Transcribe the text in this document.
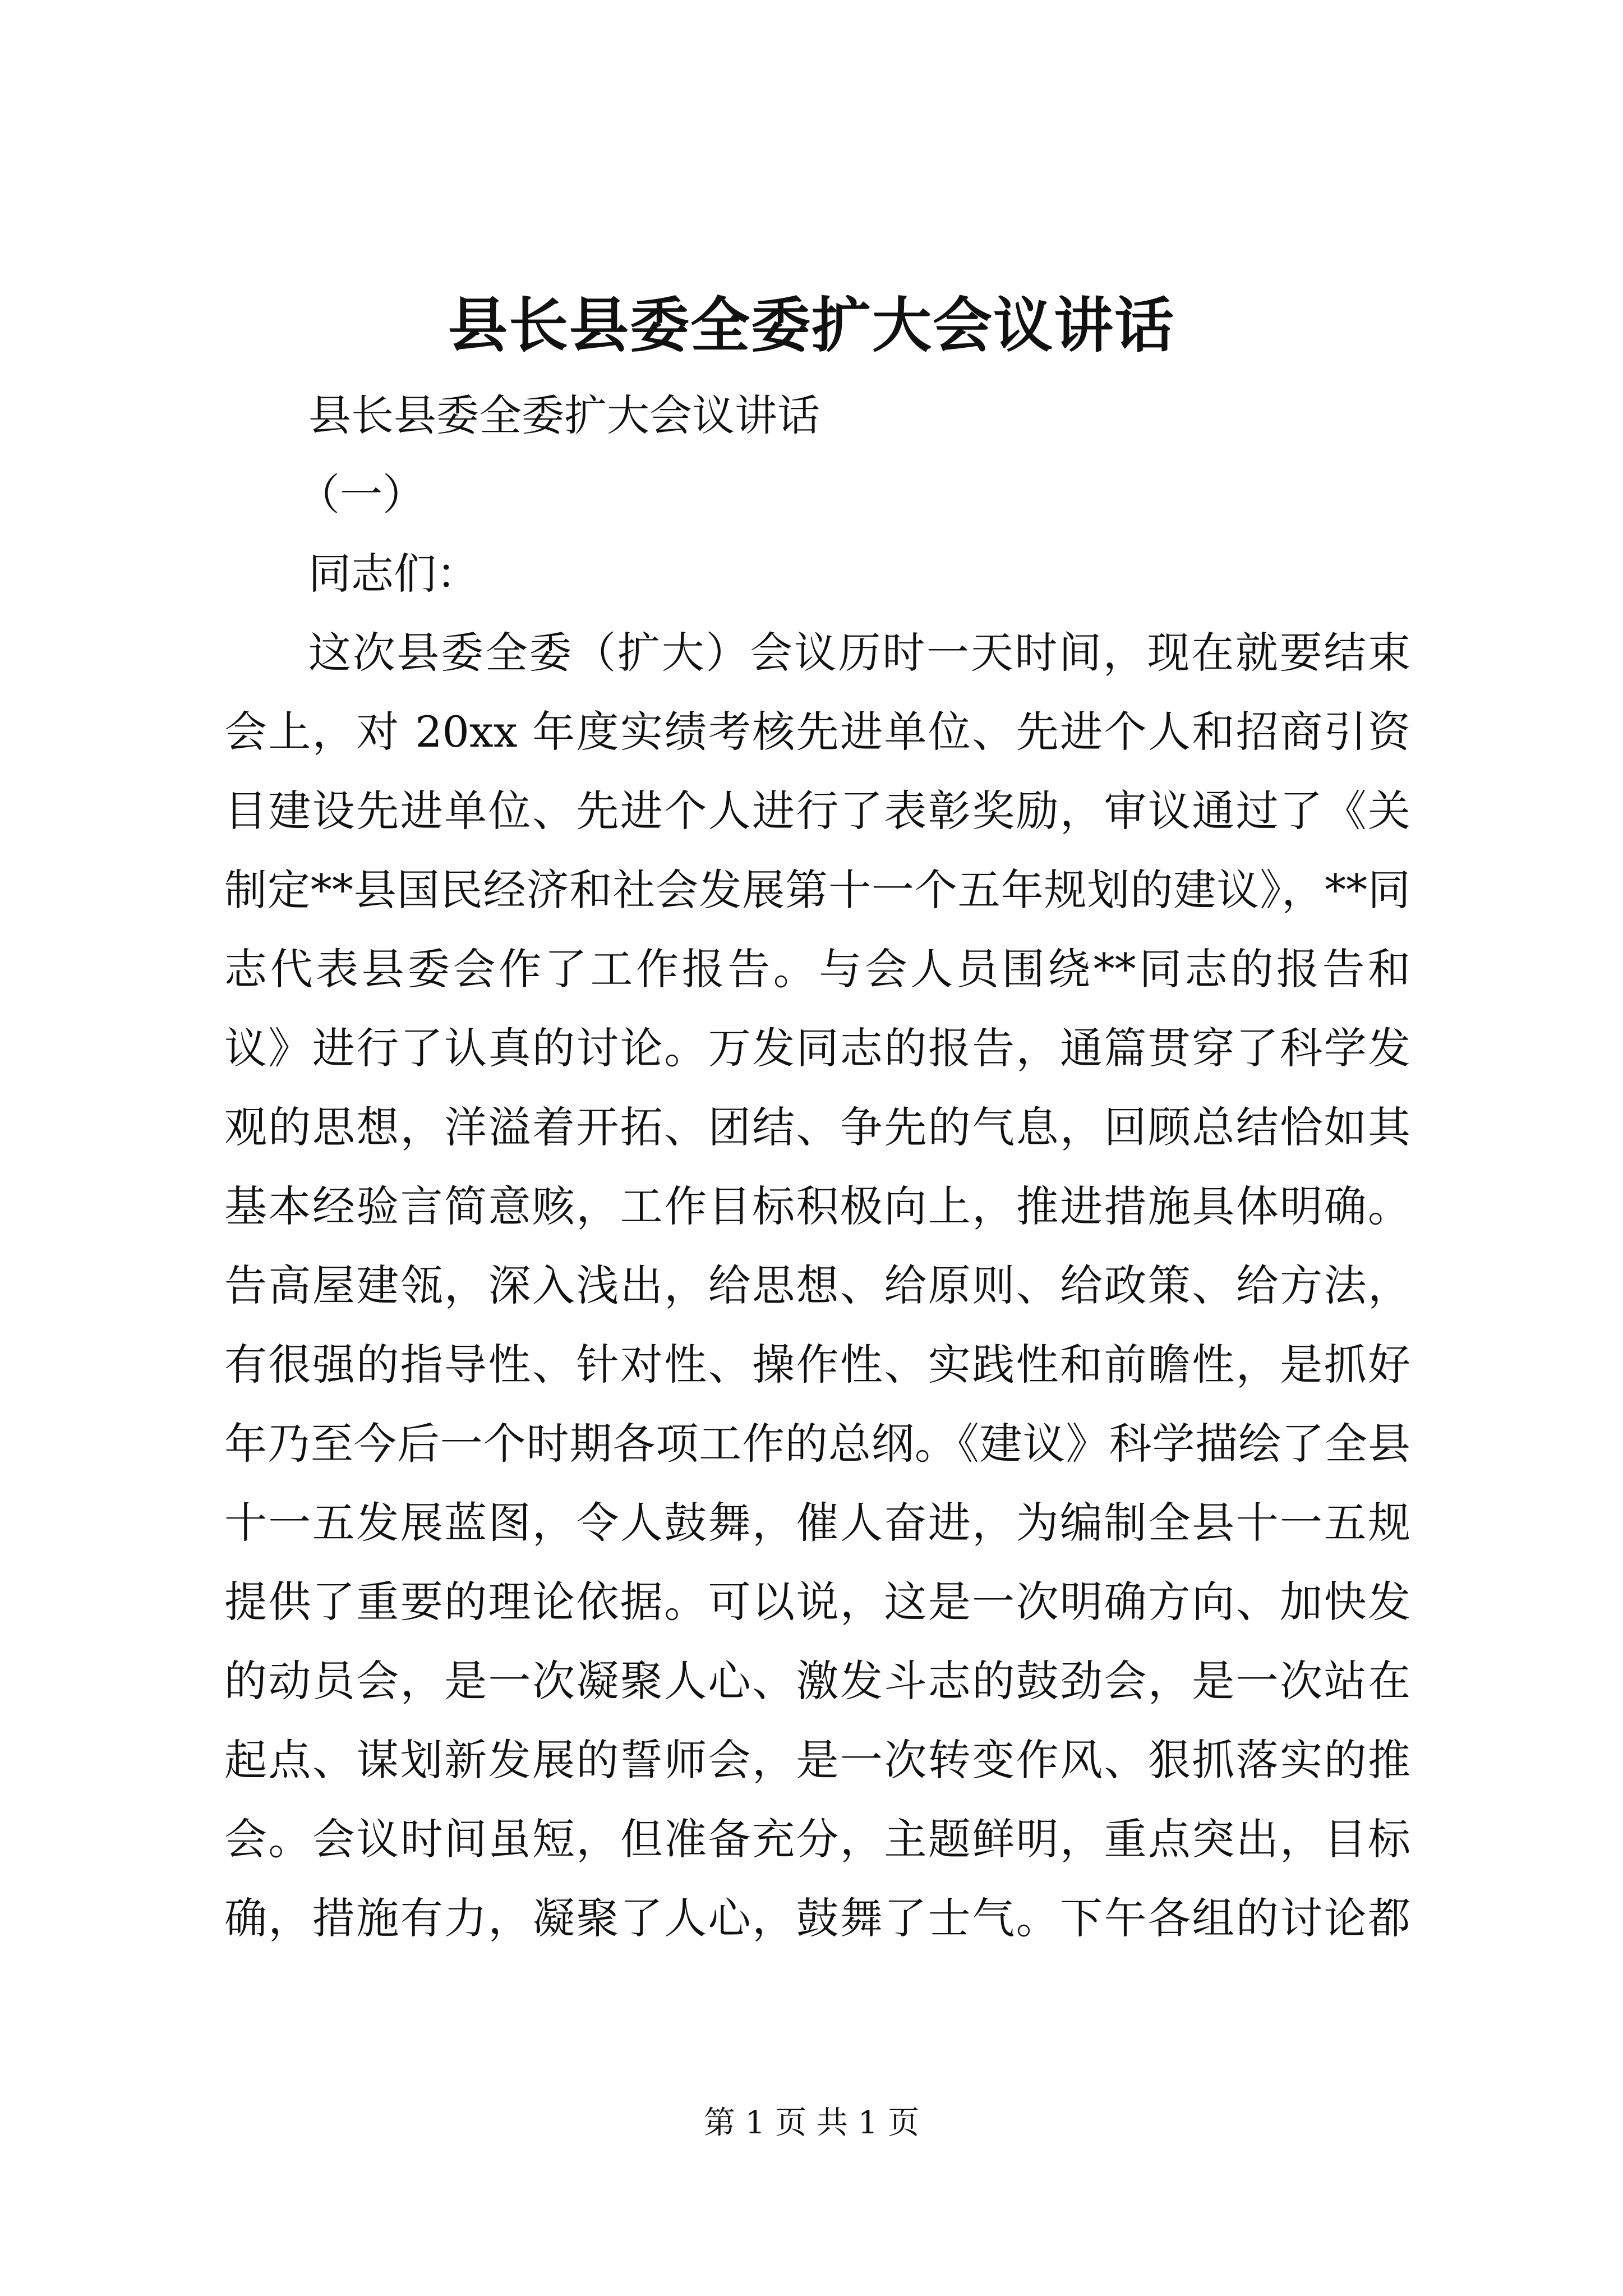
县长县委全委扩大会议讲话

县长县委全委扩大会议讲话

（一）

同志们：

这次县委全委（扩大）会议历时一天时间，现在就要结束
会上，对 20xx 年度实绩考核先进单位、先进个人和招商引资
目建设先进单位、先进个人进行了表彰奖励，审议通过了《关
制定**县国民经济和社会发展第十一个五年规划的建议》，**同
志代表县委会作了工作报告。与会人员围绕**同志的报告和
议》进行了认真的讨论。万发同志的报告，通篇贯穿了科学发
观的思想，洋溢着开拓、团结、争先的气息，回顾总结恰如其
基本经验言简意赅，工作目标积极向上，推进措施具体明确。
告高屋建瓴，深入浅出，给思想、给原则、给政策、给方法，
有很强的指导性、针对性、操作性、实践性和前瞻性，是抓好
年乃至今后一个时期各项工作的总纲。《建议》科学描绘了全县
十一五发展蓝图，令人鼓舞，催人奋进，为编制全县十一五规
提供了重要的理论依据。可以说，这是一次明确方向、加快发
的动员会，是一次凝聚人心、激发斗志的鼓劲会，是一次站在
起点、谋划新发展的誓师会，是一次转变作风、狠抓落实的推
会。会议时间虽短，但准备充分，主题鲜明，重点突出，目标
确，措施有力，凝聚了人心，鼓舞了士气。下午各组的讨论都

第 1 页 共 1 页
